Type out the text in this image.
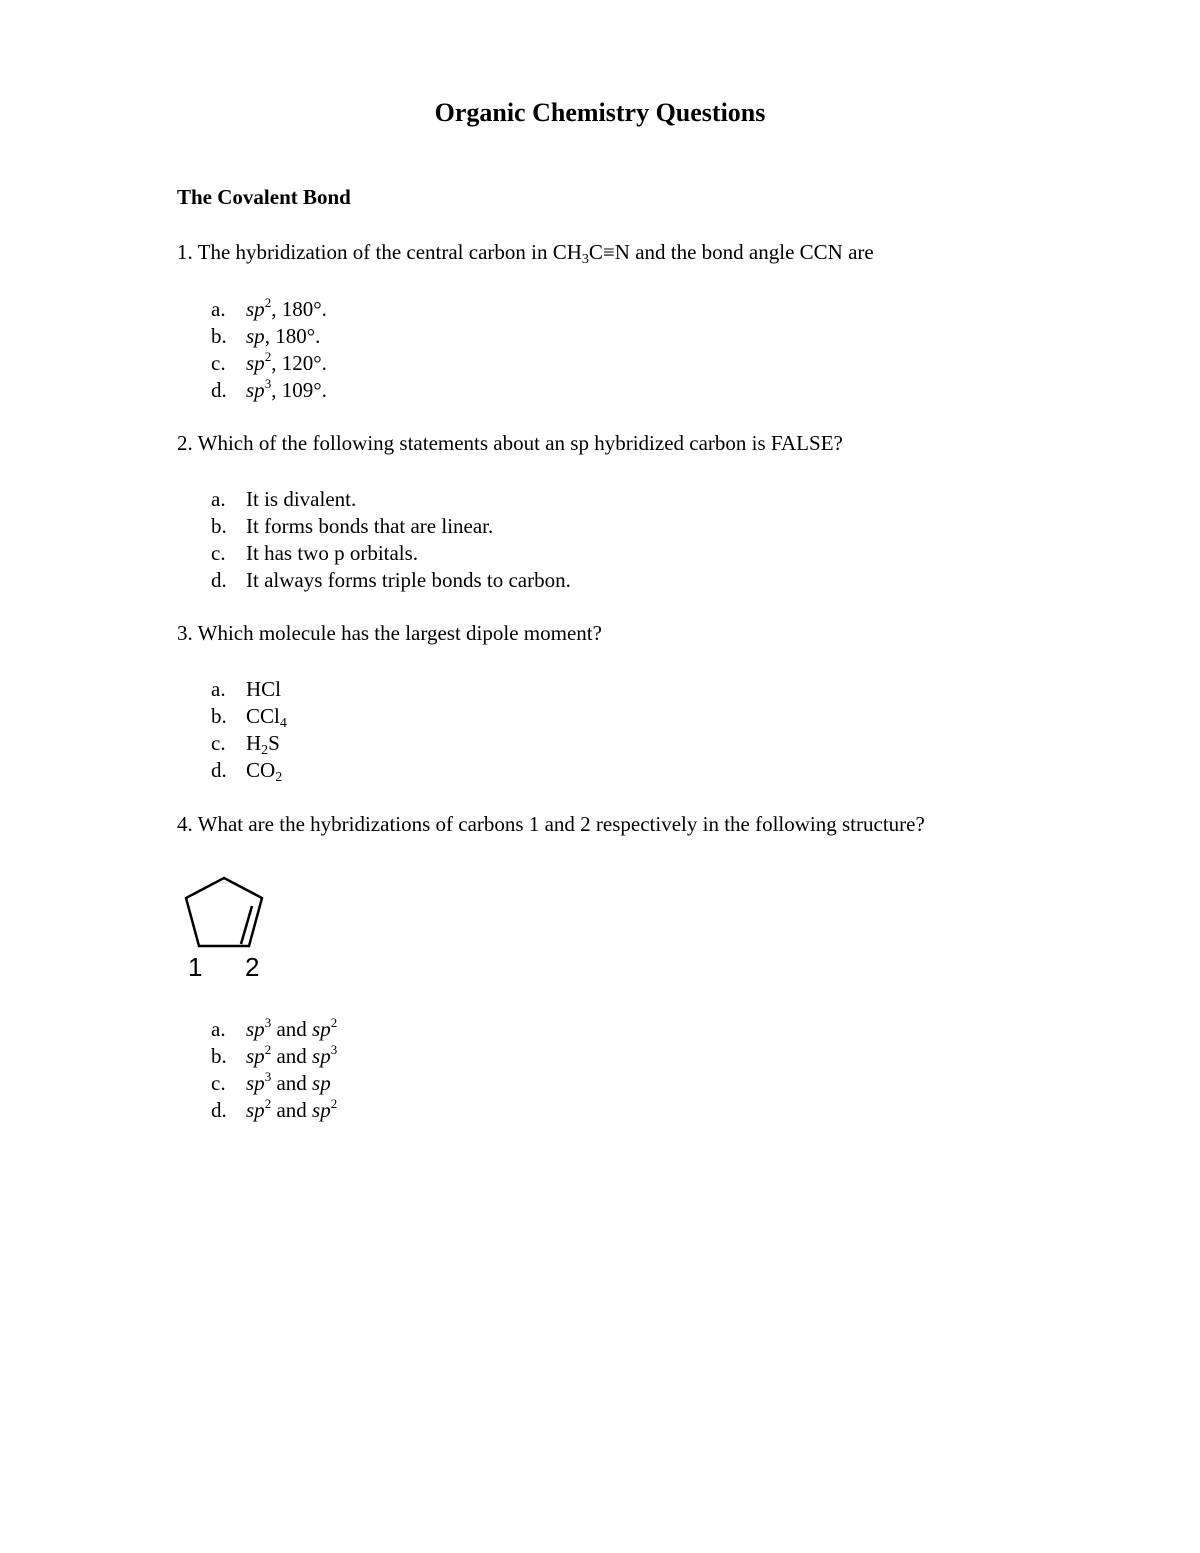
Organic Chemistry Questions
The Covalent Bond
1. The hybridization of the central carbon in $CH_3C\equiv N$ and the bond angle CCN are
a. $sp^2$, 180°.
b. sp, 180°.
c. $sp^2$, 120°.
d. $sp^3$, 109°.
2. Which of the following statements about an sp hybridized carbon is FALSE?
a. It is divalent.
b. It forms bonds that are linear.
c. It has two p orbitals.
d. It always forms triple bonds to carbon.
3. Which molecule has the largest dipole moment?
a. HCl
b. CCl$_4$
c. $H_2S$
d. $CO_2$
4. What are the hybridizations of carbons 1 and 2 respectively in the following structure?
1 2
a. $sp^3$ and $sp^2$
b. $sp^2$ and $sp^3$
c. $sp^3$ and sp
d. $sp^2$ and $sp^2$
